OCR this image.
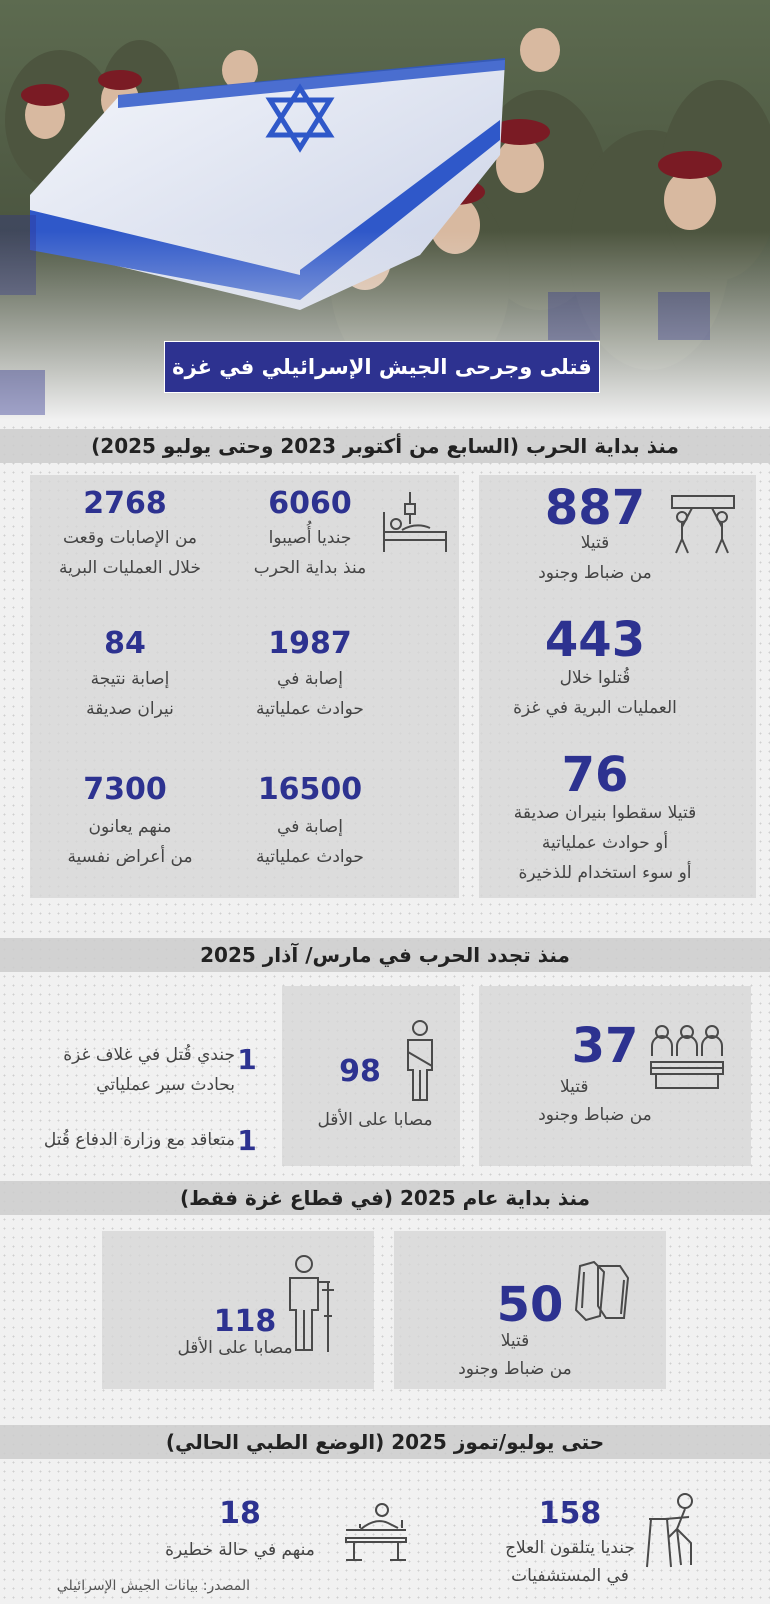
قتلى وجرحى الجيش الإسرائيلي في غزة
منذ بداية الحرب (السابع من أكتوبر 2023 وحتى يوليو 2025)
887
قتيلا
من ضباط وجنود
443
قُتلوا خلال
العمليات البرية في غزة
76
قتيلا سقطوا بنيران صديقة
أو حوادث عملياتية
أو سوء استخدام للذخيرة
6060
جنديا أُصيبوا
منذ بداية الحرب
2768
من الإصابات وقعت
خلال العمليات البرية
1987
إصابة في
حوادث عملياتية
84
إصابة نتيجة
نيران صديقة
16500
إصابة في
حوادث عملياتية
7300
منهم يعانون
من أعراض نفسية
منذ تجدد الحرب في مارس/ آذار 2025
37
قتيلا
من ضباط وجنود
98
مصابا على الأقل
1
جندي قُتل في غلاف غزة
بحادث سير عملياتي
1
متعاقد مع وزارة الدفاع قُتل
منذ بداية عام 2025 (في قطاع غزة فقط)
50
قتيلا
من ضباط وجنود
118
مصابا على الأقل
حتى يوليو/تموز 2025 (الوضع الطبي الحالي)
158
جنديا يتلقون العلاج
في المستشفيات
18
منهم في حالة خطيرة
المصدر: بيانات الجيش الإسرائيلي
